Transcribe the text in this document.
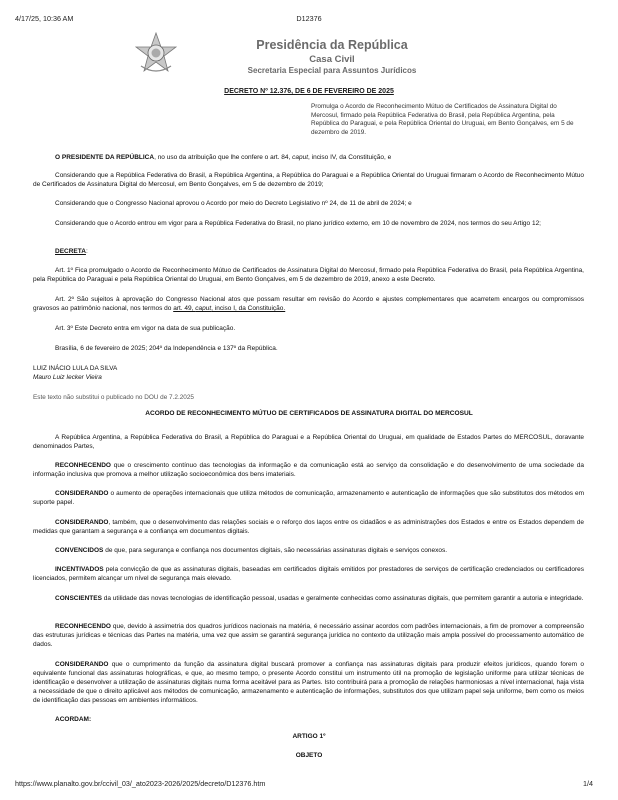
4/17/25, 10:36 AM	D12376
Presidência da República
Casa Civil
Secretaria Especial para Assuntos Jurídicos
DECRETO Nº 12.376, DE 6 DE FEVEREIRO DE 2025
Promulga o Acordo de Reconhecimento Mútuo de Certificados de Assinatura Digital do Mercosul, firmado pela República Federativa do Brasil, pela República Argentina, pela República do Paraguai, e pela República Oriental do Uruguai, em Bento Gonçalves, em 5 de dezembro de 2019.
O PRESIDENTE DA REPÚBLICA, no uso da atribuição que lhe confere o art. 84, caput, inciso IV, da Constituição, e
Considerando que a República Federativa do Brasil, a República Argentina, a República do Paraguai e a República Oriental do Uruguai firmaram o Acordo de Reconhecimento Mútuo de Certificados de Assinatura Digital do Mercosul, em Bento Gonçalves, em 5 de dezembro de 2019;
Considerando que o Congresso Nacional aprovou o Acordo por meio do Decreto Legislativo nº 24, de 11 de abril de 2024; e
Considerando que o Acordo entrou em vigor para a República Federativa do Brasil, no plano jurídico externo, em 10 de novembro de 2024, nos termos do seu Artigo 12;
DECRETA:
Art. 1º Fica promulgado o Acordo de Reconhecimento Mútuo de Certificados de Assinatura Digital do Mercosul, firmado pela República Federativa do Brasil, pela República Argentina, pela República do Paraguai e pela República Oriental do Uruguai, em Bento Gonçalves, em 5 de dezembro de 2019, anexo a este Decreto.
Art. 2º São sujeitos à aprovação do Congresso Nacional atos que possam resultar em revisão do Acordo e ajustes complementares que acarretem encargos ou compromissos gravosos ao patrimônio nacional, nos termos do art. 49, caput, inciso I, da Constituição.
Art. 3º Este Decreto entra em vigor na data de sua publicação.
Brasília, 6 de fevereiro de 2025; 204º da Independência e 137º da República.
LUIZ INÁCIO LULA DA SILVA
Mauro Luiz Iecker Vieira
Este texto não substitui o publicado no DOU de 7.2.2025
ACORDO DE RECONHECIMENTO MÚTUO DE CERTIFICADOS DE ASSINATURA DIGITAL DO MERCOSUL
A República Argentina, a República Federativa do Brasil, a República do Paraguai e a República Oriental do Uruguai, em qualidade de Estados Partes do MERCOSUL, doravante denominados Partes,
RECONHECENDO que o crescimento contínuo das tecnologias da informação e da comunicação está ao serviço da consolidação e do desenvolvimento de uma sociedade da informação inclusiva que promova a melhor utilização socioeconômica dos bens imateriais.
CONSIDERANDO o aumento de operações internacionais que utiliza métodos de comunicação, armazenamento e autenticação de informações que são substitutos dos métodos em suporte papel.
CONSIDERANDO, também, que o desenvolvimento das relações sociais e o reforço dos laços entre os cidadãos e as administrações dos Estados e entre os Estados dependem de medidas que garantam a segurança e a confiança em documentos digitais.
CONVENCIDOS de que, para segurança e confiança nos documentos digitais, são necessárias assinaturas digitais e serviços conexos.
INCENTIVADOS pela convicção de que as assinaturas digitais, baseadas em certificados digitais emitidos por prestadores de serviços de certificação credenciados ou certificadores licenciados, permitem alcançar um nível de segurança mais elevado.
CONSCIENTES da utilidade das novas tecnologias de identificação pessoal, usadas e geralmente conhecidas como assinaturas digitais, que permitem garantir a autoria e integridade.
RECONHECENDO que, devido à assimetria dos quadros jurídicos nacionais na matéria, é necessário assinar acordos com padrões internacionais, a fim de promover a compreensão das estruturas jurídicas e técnicas das Partes na matéria, uma vez que assim se garantirá segurança jurídica no contexto da utilização mais ampla possível do processamento automático de dados.
CONSIDERANDO que o cumprimento da função da assinatura digital buscará promover a confiança nas assinaturas digitais para produzir efeitos jurídicos, quando forem o equivalente funcional das assinaturas holográficas, e que, ao mesmo tempo, o presente Acordo constitui um instrumento útil na promoção de legislação uniforme para utilizar técnicas de identificação e desenvolver a utilização de assinaturas digitais numa forma aceitável para as Partes. Isto contribuirá para a promoção de relações harmoniosas a nível internacional, haja vista a necessidade de que o direito aplicável aos métodos de comunicação, armazenamento e autenticação de informações, substitutos dos que utilizam papel seja uniforme, bem como os meios de identificação das pessoas em ambientes informáticos.
ACORDAM:
ARTIGO 1º
OBJETO
https://www.planalto.gov.br/ccivil_03/_ato2023-2026/2025/decreto/D12376.htm	1/4
